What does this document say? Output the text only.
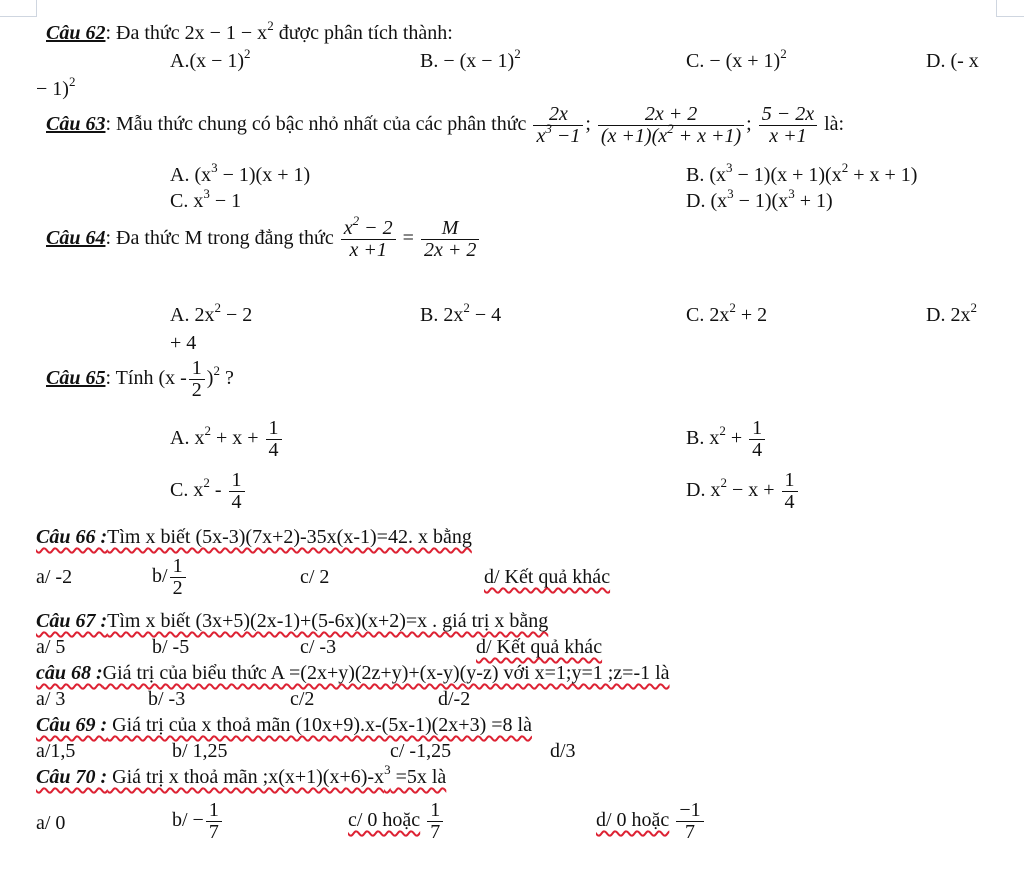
Câu 62: Đa thức $2x - 1 - x^2$ được phân tích thành:
$A.(x - 1)^2$	B. − $(x - 1)^2$	C. − $(x + 1)^2$	D. (- x
− 1)$^2$
Câu 63: Mẫu thức chung có bậc nhỏ nhất của các phân thức $\frac{2x}{x^3 -1}$ ; $\frac{2x + 2}{(x +1)(x^2 + x +1)}$ ; $\frac{5 - 2x}{x +1}$ là:
A. $(x^3 - 1)(x + 1)$	B. $(x^3 - 1)(x + 1)(x^2 + x + 1)$
C. $x^3 - 1$	D. $(x^3 - 1)(x^3 + 1)$
Câu 64: Đa thức M trong đẳng thức $\frac{x^2 - 2}{x +1} = \frac{M}{2x + 2}$
A. $2x^2 - 2$	B. $2x^2 - 4$	C. $2x^2 + 2$	D. $2x^2$
+ 4
Câu 65: Tính $(x - \frac{1}{2} )^2$ ?
A. $x^2 + x + \frac{1}{4}$	B. $x^2 + \frac{1}{4}$
C. $x^2 - \frac{1}{4}$	D. $x^2 - x + \frac{1}{4}$
Câu 66 :Tìm x biết (5x-3)(7x+2)-35x(x-1)=42. x bằng
a/ -2	$b/ \frac{1}{2}$	c/ 2	d/ Kết quả khác
Câu 67 :Tìm x biết (3x+5)(2x-1)+(5-6x)(x+2)=x . giá trị x bằng
a/ 5	b/ -5	c/ -3	d/ Kết quả khác
câu 68 :Giá trị của biểu thức A =(2x+y)(2z+y)+(x-y)(y-z) với x=1;y=1 ;z=-1 là
a/ 3	b/ -3	c/2	d/-2
Câu 69 : Giá trị của x thoả mãn (10x+9).x-(5x-1)(2x+3) =8 là
a/1,5	b/ 1,25	c/ -1,25	d/3
Câu 70 : Giá trị x thoả mãn $;x(x+1)(x+6)-x^3 =5x$ là
a/ 0	$b/ - \frac{1}{7}$	c/ 0 hoặc $\frac{1}{7}$	d/ 0 hoặc $\frac{-1}{7}$
